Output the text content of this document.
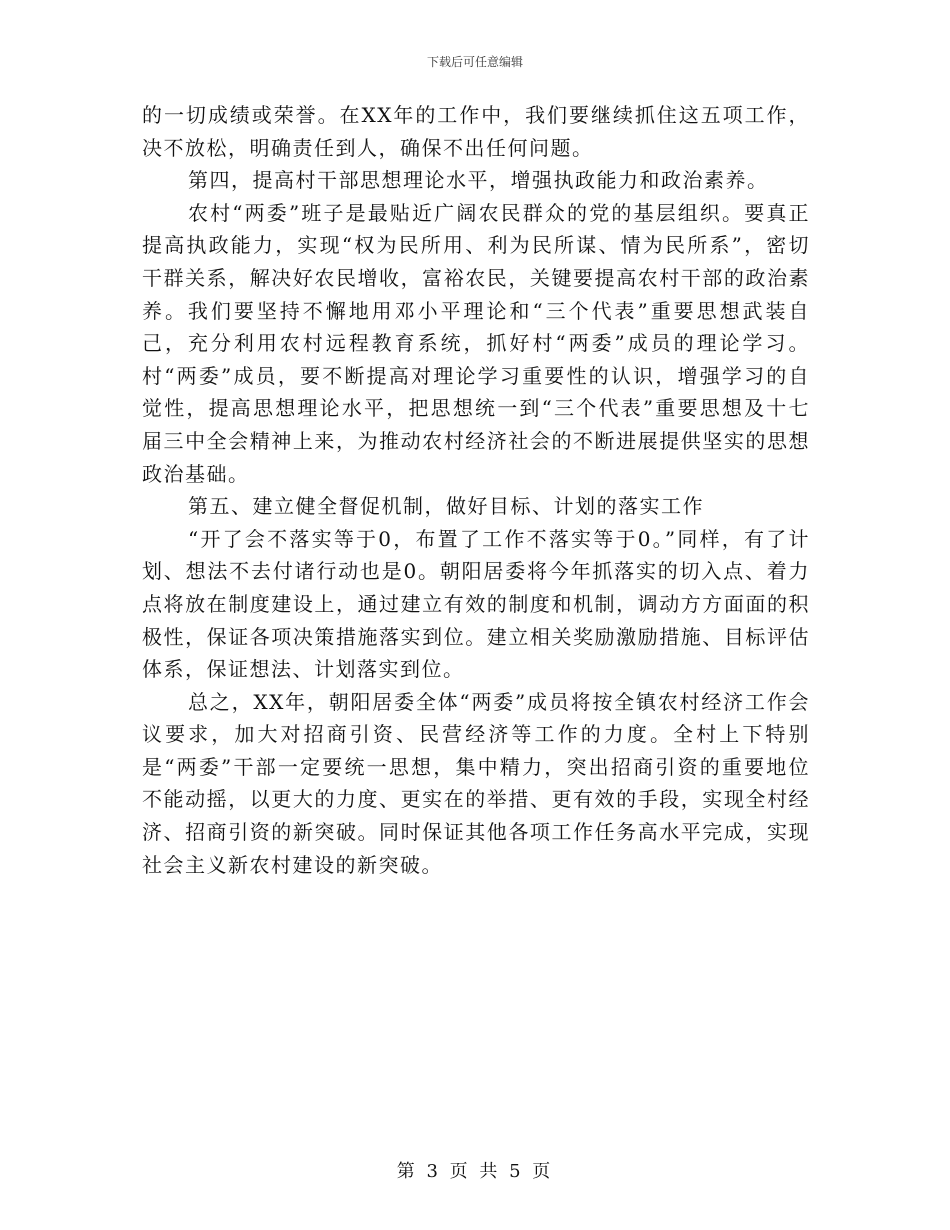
下载后可任意编辑

的一切成绩或荣誉。在XX年的工作中，我们要继续抓住这五项工作，决不放松，明确责任到人，确保不出任何问题。

第四，提高村干部思想理论水平，增强执政能力和政治素养。

农村“两委”班子是最贴近广阔农民群众的党的基层组织。要真正提高执政能力，实现“权为民所用、利为民所谋、情为民所系”，密切干群关系，解决好农民增收，富裕农民，关键要提高农村干部的政治素养。我们要坚持不懈地用邓小平理论和“三个代表”重要思想武装自己，充分利用农村远程教育系统，抓好村“两委”成员的理论学习。村“两委”成员，要不断提高对理论学习重要性的认识，增强学习的自觉性，提高思想理论水平，把思想统一到“三个代表”重要思想及十七届三中全会精神上来，为推动农村经济社会的不断进展提供坚实的思想政治基础。

第五、建立健全督促机制，做好目标、计划的落实工作

“开了会不落实等于0，布置了工作不落实等于0。”同样，有了计划、想法不去付诸行动也是0。朝阳居委将今年抓落实的切入点、着力点将放在制度建设上，通过建立有效的制度和机制，调动方方面面的积极性，保证各项决策措施落实到位。建立相关奖励激励措施、目标评估体系，保证想法、计划落实到位。

总之，XX年，朝阳居委全体“两委”成员将按全镇农村经济工作会议要求，加大对招商引资、民营经济等工作的力度。全村上下特别是“两委”干部一定要统一思想，集中精力，突出招商引资的重要地位不能动摇，以更大的力度、更实在的举措、更有效的手段，实现全村经济、招商引资的新突破。同时保证其他各项工作任务高水平完成，实现社会主义新农村建设的新突破。

第 3 页 共 5 页
